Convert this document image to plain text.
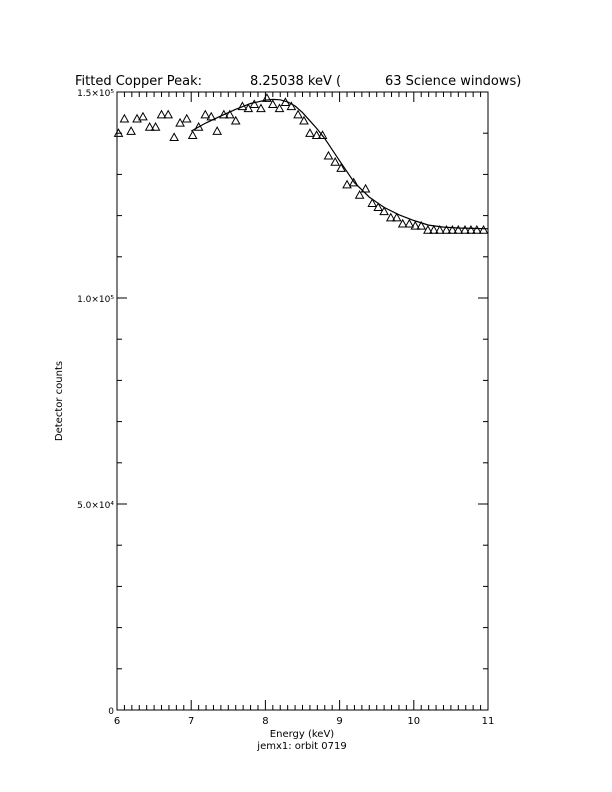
Fitted Copper Peak:	8.25038 keV (	63 Science windows)
Energy (keV)
Detector counts
jemx1: orbit 0719
6	7	8	9	10	11
0
5.0×10⁴
1.0×10⁵
1.5×10⁵
